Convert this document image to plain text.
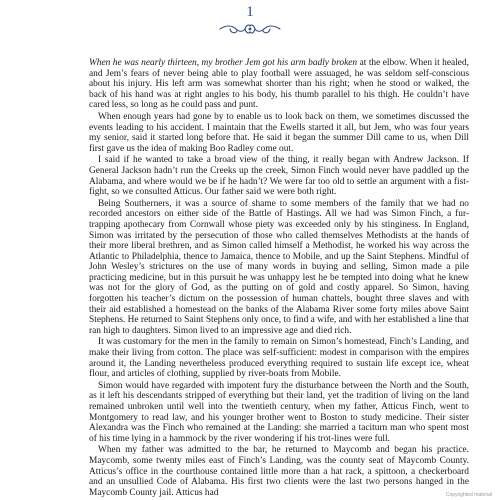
1

When he was nearly thirteen, my brother Jem got his arm badly broken at the elbow. When it healed, and Jem’s fears of never being able to play football were assuaged, he was seldom self-conscious about his injury. His left arm was somewhat shorter than his right; when he stood or walked, the back of his hand was at right angles to his body, his thumb parallel to his thigh. He couldn’t have cared less, so long as he could pass and punt.

When enough years had gone by to enable us to look back on them, we sometimes discussed the events leading to his accident. I maintain that the Ewells started it all, but Jem, who was four years my senior, said it started long before that. He said it began the summer Dill came to us, when Dill first gave us the idea of making Boo Radley come out.

I said if he wanted to take a broad view of the thing, it really began with Andrew Jackson. If General Jackson hadn’t run the Creeks up the creek, Simon Finch would never have paddled up the Alabama, and where would we be if he hadn’t? We were far too old to settle an argument with a fist-fight, so we consulted Atticus. Our father said we were both right.

Being Southerners, it was a source of shame to some members of the family that we had no recorded ancestors on either side of the Battle of Hastings. All we had was Simon Finch, a fur-trapping apothecary from Cornwall whose piety was exceeded only by his stinginess. In England, Simon was irritated by the persecution of those who called themselves Methodists at the hands of their more liberal brethren, and as Simon called himself a Methodist, he worked his way across the Atlantic to Philadelphia, thence to Jamaica, thence to Mobile, and up the Saint Stephens. Mindful of John Wesley’s strictures on the use of many words in buying and selling, Simon made a pile practicing medicine, but in this pursuit he was unhappy lest he be tempted into doing what he knew was not for the glory of God, as the putting on of gold and costly apparel. So Simon, having forgotten his teacher’s dictum on the possession of human chattels, bought three slaves and with their aid established a homestead on the banks of the Alabama River some forty miles above Saint Stephens. He returned to Saint Stephens only once, to find a wife, and with her established a line that ran high to daughters. Simon lived to an impressive age and died rich.

It was customary for the men in the family to remain on Simon’s homestead, Finch’s Landing, and make their living from cotton. The place was self-sufficient: modest in comparison with the empires around it, the Landing nevertheless produced everything required to sustain life except ice, wheat flour, and articles of clothing, supplied by river-boats from Mobile.

Simon would have regarded with impotent fury the disturbance between the North and the South, as it left his descendants stripped of everything but their land, yet the tradition of living on the land remained unbroken until well into the twentieth century, when my father, Atticus Finch, went to Montgomery to read law, and his younger brother went to Boston to study medicine. Their sister Alexandra was the Finch who remained at the Landing: she married a taciturn man who spent most of his time lying in a hammock by the river wondering if his trot-lines were full.

When my father was admitted to the bar, he returned to Maycomb and began his practice. Maycomb, some twenty miles east of Finch’s Landing, was the county seat of Maycomb County. Atticus’s office in the courthouse contained little more than a hat rack, a spittoon, a checkerboard and an unsullied Code of Alabama. His first two clients were the last two persons hanged in the Maycomb County jail. Atticus had	Copyrighted material
